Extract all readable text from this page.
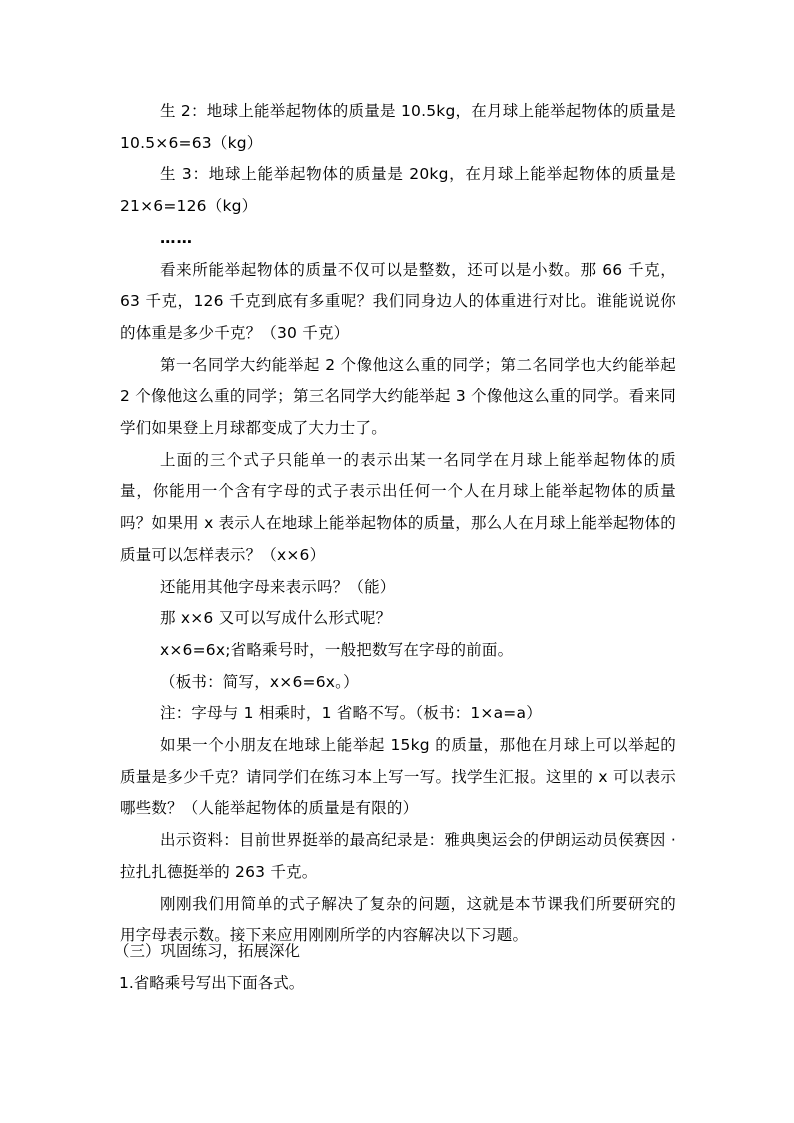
生 2：地球上能举起物体的质量是 10.5kg，在月球上能举起物体的质量是 10.5×6=63（kg）

生 3：地球上能举起物体的质量是 20kg，在月球上能举起物体的质量是 21×6=126（kg）

……

看来所能举起物体的质量不仅可以是整数，还可以是小数。那 66 千克，63 千克，126 千克到底有多重呢？我们同身边人的体重进行对比。谁能说说你的体重是多少千克？（30 千克）

第一名同学大约能举起 2 个像他这么重的同学；第二名同学也大约能举起 2 个像他这么重的同学；第三名同学大约能举起 3 个像他这么重的同学。看来同学们如果登上月球都变成了大力士了。

上面的三个式子只能单一的表示出某一名同学在月球上能举起物体的质量，你能用一个含有字母的式子表示出任何一个人在月球上能举起物体的质量吗？如果用 x 表示人在地球上能举起物体的质量，那么人在月球上能举起物体的质量可以怎样表示？（x×6）

还能用其他字母来表示吗？（能）

那 x×6 又可以写成什么形式呢？

x×6=6x;省略乘号时，一般把数写在字母的前面。

（板书：简写，x×6=6x。）

注：字母与 1 相乘时，1 省略不写。（板书：1×a=a）

如果一个小朋友在地球上能举起 15kg 的质量，那他在月球上可以举起的质量是多少千克？请同学们在练习本上写一写。找学生汇报。这里的 x 可以表示哪些数？（人能举起物体的质量是有限的）

出示资料：目前世界挺举的最高纪录是：雅典奥运会的伊朗运动员侯赛因 · 拉扎扎德挺举的 263 千克。

刚刚我们用简单的式子解决了复杂的问题，这就是本节课我们所要研究的用字母表示数。接下来应用刚刚所学的内容解决以下习题。

（三）巩固练习，拓展深化

1.省略乘号写出下面各式。
